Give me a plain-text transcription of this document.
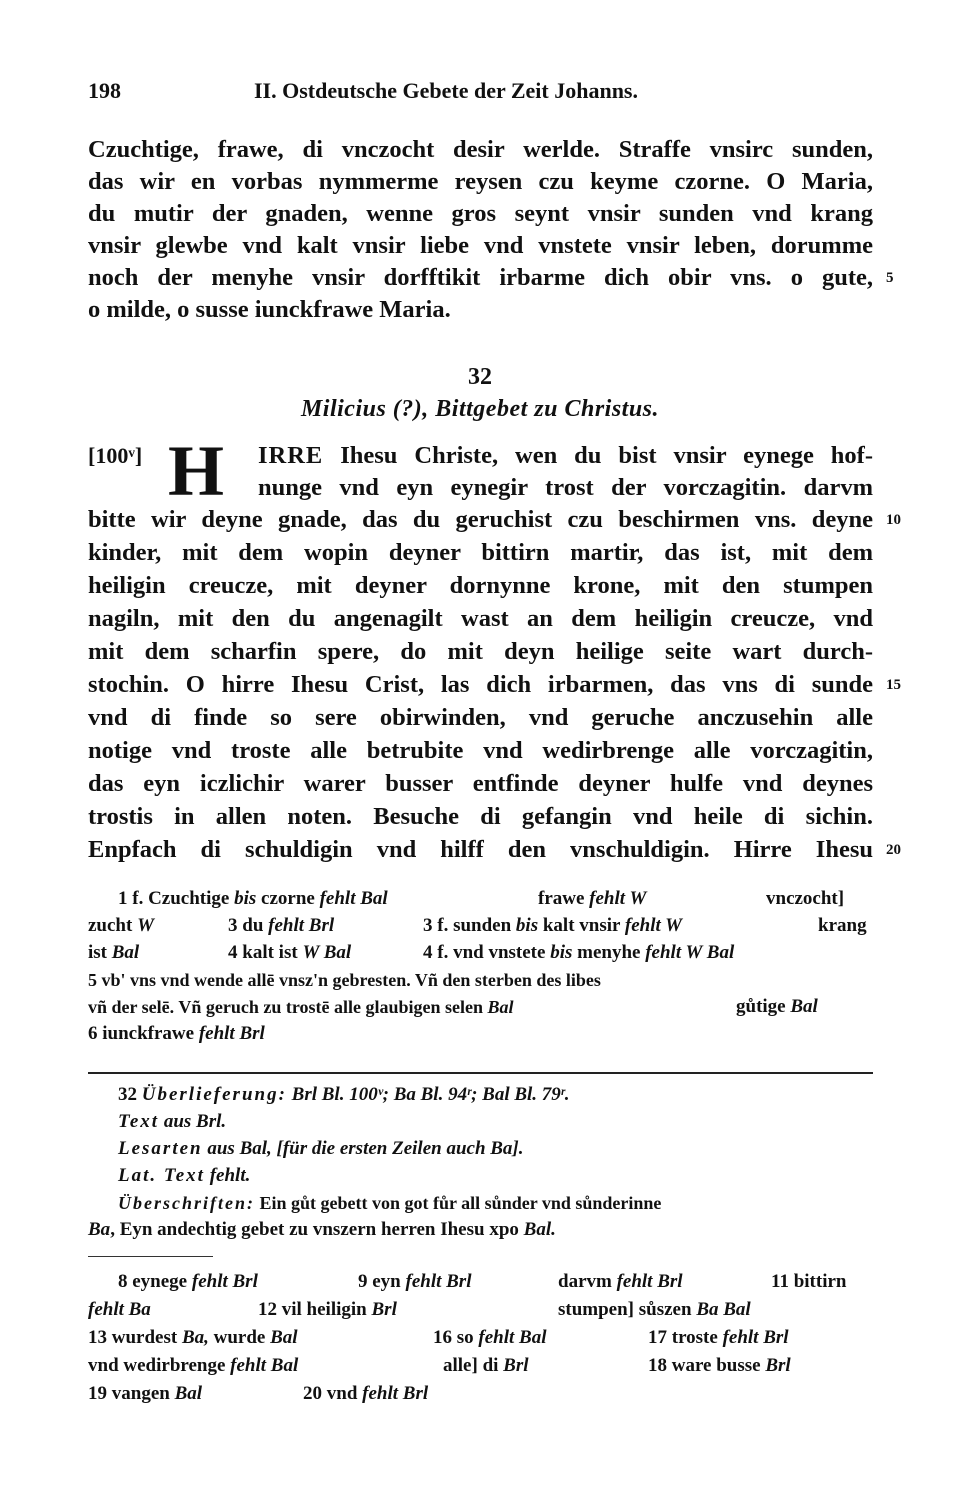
198	II. Ostdeutsche Gebete der Zeit Johanns.
Czuchtige, frawe, di vnczocht desir werlde. Straffe vnsirc sunden,
das wir en vorbas nymmerme reysen czu keyme czorne. O Maria,
du mutir der gnaden, wenne gros seynt vnsir sunden vnd krang
vnsir glewbe vnd kalt vnsir liebe vnd vnstete vnsir leben, dorumme
noch der menyhe vnsir dorfftikit irbarme dich obir vns. o gute,
o milde, o susse iunckfrawe Maria.
5
32
Milicius (?), Bittgebet zu Christus.
[100ᵛ] H IRRE Ihesu Christe, wen du bist vnsir eynege hof-
nunge vnd eyn eynegir trost der vorczagitin. darvm
bitte wir deyne gnade, das du geruchist czu beschirmen vns. deyne
kinder, mit dem wopin deyner bittirn martir, das ist, mit dem
heiligin creucze, mit deyner dornynne krone, mit den stumpen
nagiln, mit den du angenagilt wast an dem heiligin creucze, vnd
mit dem scharfin spere, do mit deyn heilige seite wart durch-
stochin. O hirre Ihesu Crist, las dich irbarmen, das vns di sunde
vnd di finde so sere obirwinden, vnd geruche anczusehin alle
notige vnd troste alle betrubite vnd wedirbrenge alle vorczagitin,
das eyn iczlichir warer busser entfinde deyner hulfe vnd deynes
trostis in allen noten. Besuche di gefangin vnd heile di sichin.
Enpfach di schuldigin vnd hilff den vnschuldigin. Hirre Ihesu
10
15
20
1 f. Czuchtige bis czorne fehlt Bal	frawe fehlt W	vnczocht]
zucht W	3 du fehlt Brl	3 f. sunden bis kalt vnsir fehlt W	krang
ist Bal	4 kalt ist W Bal	4 f. vnd vnstete bis menyhe fehlt W Bal
5 vb' vns vnd wende allē vnsz'n gebresten. Vñ den sterben des libes
vñ der selē. Vñ geruch zu trostē alle glaubigen selen Bal	gůtige Bal
6 iunckfrawe fehlt Brl
32 Überlieferung: Brl Bl. 100ᵛ; Ba Bl. 94ʳ; Bal Bl. 79ʳ.
Text aus Brl.
Lesarten aus Bal, [für die ersten Zeilen auch Ba].
Lat. Text fehlt.
Überschriften: Ein gůt gebett von got fůr all sůnder vnd sůnderinne
Ba, Eyn andechtig gebet zu vnszern herren Ihesu xpo Bal.
8 eynege fehlt Brl	9 eyn fehlt Brl	darvm fehlt Brl	11 bittirn
fehlt Ba	12 vil heiligin Brl	stumpen] sůszen Ba Bal
13 wurdest Ba, wurde Bal	16 so fehlt Bal	17 troste fehlt Brl
vnd wedirbrenge fehlt Bal	alle] di Brl	18 ware busse Brl
19 vangen Bal	20 vnd fehlt Brl
